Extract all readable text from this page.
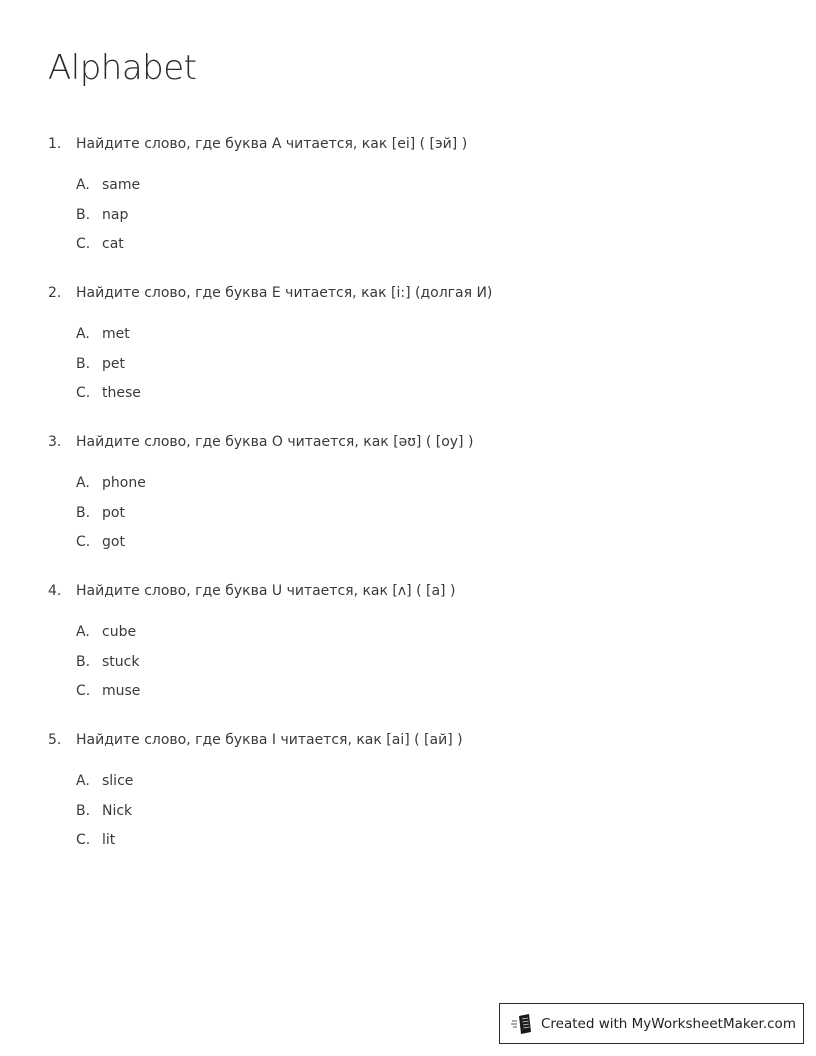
Alphabet
1. Найдите слово, где буква A читается, как [ei] ( [эй] )
A. same
B. nap
C. cat
2. Найдите слово, где буква E читается, как [i:] (долгая И)
A. met
B. pet
C. these
3. Найдите слово, где буква O читается, как [əʊ] ( [оу] )
A. phone
B. pot
C. got
4. Найдите слово, где буква U читается, как [ʌ] ( [а] )
A. cube
B. stuck
C. muse
5. Найдите слово, где буква I читается, как [ai] ( [ай] )
A. slice
B. Nick
C. lit
Created with MyWorksheetMaker.com
